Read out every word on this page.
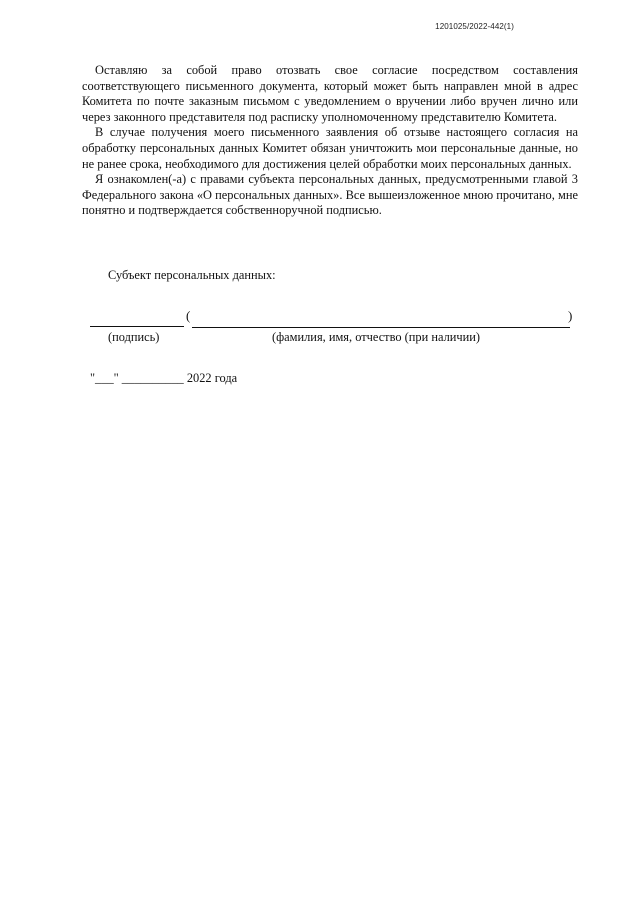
1201025/2022-442(1)

Оставляю за собой право отозвать свое согласие посредством составления соответствующего письменного документа, который может быть направлен мной в адрес Комитета по почте заказным письмом с уведомлением о вручении либо вручен лично или через законного представителя под расписку уполномоченному представителю Комитета.

В случае получения моего письменного заявления об отзыве настоящего согласия на обработку персональных данных Комитет обязан уничтожить мои персональные данные, но не ранее срока, необходимого для достижения целей обработки моих персональных данных.

Я ознакомлен(-а) с правами субъекта персональных данных, предусмотренными главой 3 Федерального закона «О персональных данных». Все вышеизложенное мною прочитано, мне понятно и подтверждается собственноручной подписью.

Субъект персональных данных:
(	)
(подпись)	(фамилия, имя, отчество (при наличии)
"___" __________ 2022 года
